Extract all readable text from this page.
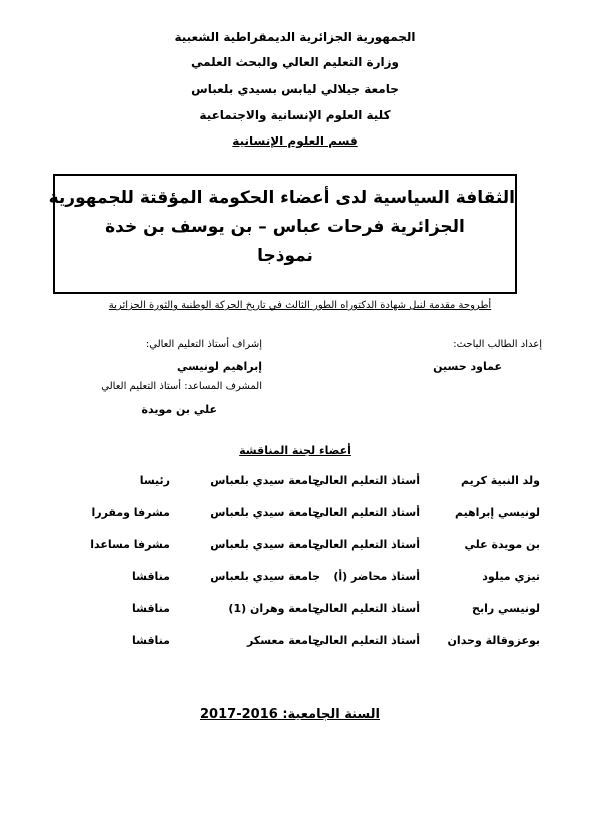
الجمهورية الجزائرية الديمقراطية الشعبية
وزارة التعليم العالي والبحث العلمي
جامعة جيلالي ليابس بسيدي بلعباس
كلية العلوم الإنسانية والاجتماعية
قسم العلوم الإنسانية
الثقافة السياسية لدى أعضاء الحكومة المؤقتة للجمهورية
الجزائرية فرحات عباس – بن يوسف بن خدة
نموذجا
أطروحة مقدمة لنيل شهادة الدكتوراه الطور الثالث في تاريخ الحركة الوطنية والثورة الجزائرية
إعداد الطالب الباحث:
إشراف أستاذ التعليم العالي:
عماود حسين
إبراهيم لونيسي
المشرف المساعد: أستاذ التعليم العالي
علي بن مويدة
أعضاء لجنة المناقشة
ولد النبية كريم
أستاذ التعليم العالي
جامعة سيدي بلعباس
رئيسا
لونيسي إبراهيم
أستاذ التعليم العالي
جامعة سيدي بلعباس
مشرفا ومقررا
بن مويدة علي
أستاذ التعليم العالي
جامعة سيدي بلعباس
مشرفا مساعدا
تيزي ميلود
أستاذ محاضر (أ)
جامعة سيدي بلعباس
مناقشا
لونيسي رابح
أستاذ التعليم العالي
جامعة وهران (1)
مناقشا
بوعزوقالة وحدان
أستاذ التعليم العالي
جامعة معسكر
مناقشا
السنة الجامعية: 2016-2017
